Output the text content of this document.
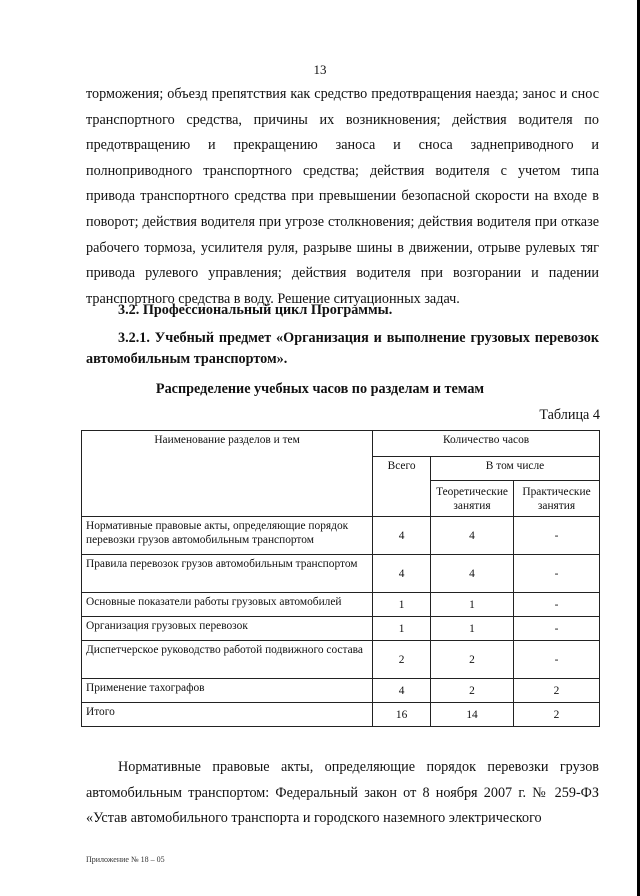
13

торможения; объезд препятствия как средство предотвращения наезда; занос и снос транспортного средства, причины их возникновения; действия водителя по предотвращению и прекращению заноса и сноса заднеприводного и полноприводного транспортного средства; действия водителя с учетом типа привода транспортного средства при превышении безопасной скорости на входе в поворот; действия водителя при угрозе столкновения; действия водителя при отказе рабочего тормоза, усилителя руля, разрыве шины в движении, отрыве рулевых тяг привода рулевого управления; действия водителя при возгорании и падении транспортного средства в воду. Решение ситуационных задач.

3.2. Профессиональный цикл Программы.
3.2.1. Учебный предмет «Организация и выполнение грузовых перевозок автомобильным транспортом».
Распределение учебных часов по разделам и темам
Таблица 4
Наименование разделов и тем	Количество часов		
	Всего	В том числе	
		Теоретические занятия	Практические занятия
Нормативные правовые акты, определяющие порядок перевозки грузов автомобильным транспортом	4	4	-
Правила перевозок грузов автомобильным транспортом	4	4	-
Основные показатели работы грузовых автомобилей	1	1	-
Организация грузовых перевозок	1	1	-
Диспетчерское руководство работой подвижного состава	2	2	-
Применение тахографов	4	2	2
Итого	16	14	2

Нормативные правовые акты, определяющие порядок перевозки грузов автомобильным транспортом: Федеральный закон от 8 ноября 2007 г. № 259-ФЗ «Устав автомобильного транспорта и городского наземного электрического

Приложение № 18 – 05
